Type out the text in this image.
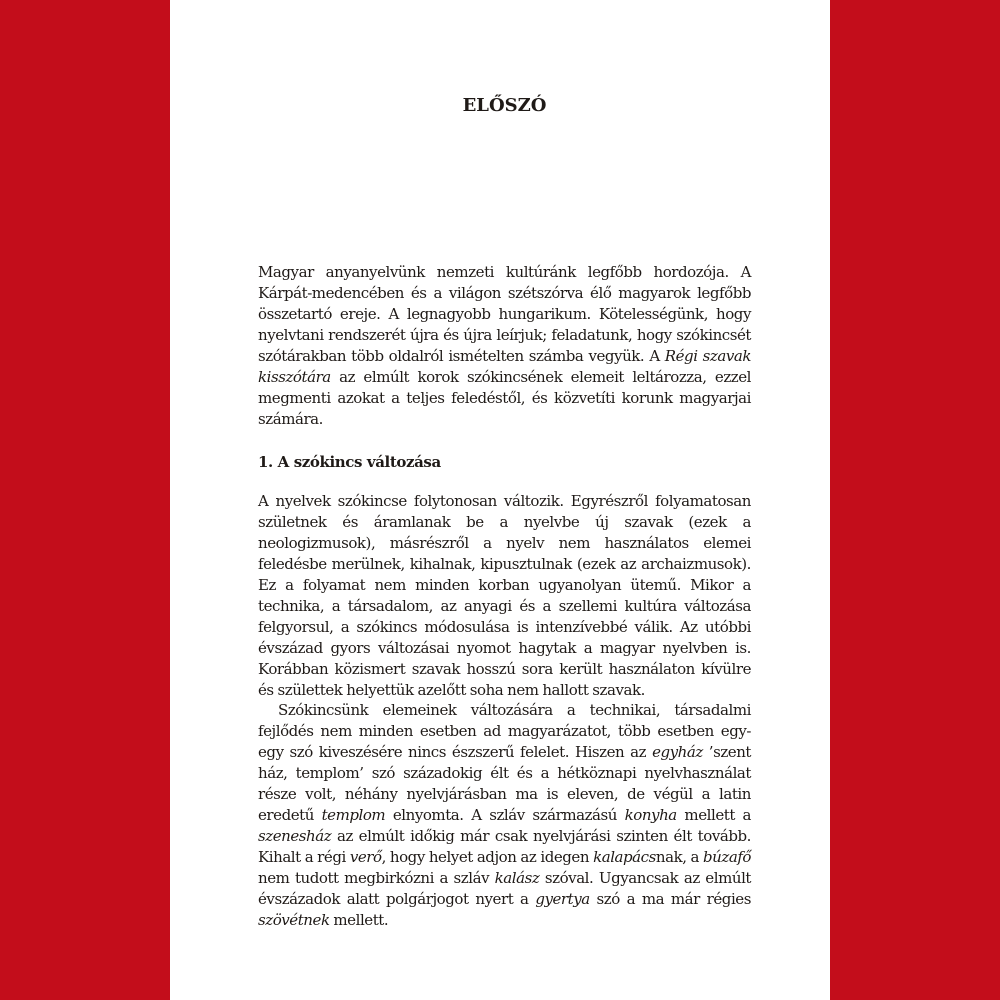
ELŐSZÓ

Magyar anyanyelvünk nemzeti kultúránk legfőbb hordozója. A Kárpát-medencében és a világon szétszórva élő magyarok legfőbb összetartó ereje. A legnagyobb hungarikum. Kötelességünk, hogy nyelvtani rendszerét újra és újra leírjuk; feladatunk, hogy szókincsét szótárakban több oldalról ismételten számba vegyük. A Régi szavak kisszótára az elmúlt korok szókincsének elemeit leltározza, ezzel megmenti azokat a teljes feledéstől, és közvetíti korunk magyarjai számára.

1. A szókincs változása

A nyelvek szókincse folytonosan változik. Egyrészről folyamatosan születnek és áramlanak be a nyelvbe új szavak (ezek a neologizmusok), másrészről a nyelv nem használatos elemei feledésbe merülnek, kihalnak, kipusztulnak (ezek az archaizmusok). Ez a folyamat nem minden korban ugyanolyan ütemű. Mikor a technika, a társadalom, az anyagi és a szellemi kultúra változása felgyorsul, a szókincs módosulása is intenzívebbé válik. Az utóbbi évszázad gyors változásai nyomot hagytak a magyar nyelvben is. Korábban közismert szavak hosszú sora került használaton kívülre és születtek helyettük azelőtt soha nem hallott szavak.

Szókincsünk elemeinek változására a technikai, társadalmi fejlődés nem minden esetben ad magyarázatot, több esetben egy-egy szó kiveszésére nincs észszerű felelet. Hiszen az egyház ’szent ház, templom’ szó századokig élt és a hétköznapi nyelvhasználat része volt, néhány nyelvjárásban ma is eleven, de végül a latin eredetű templom elnyomta. A szláv származású konyha mellett a szenesház az elmúlt időkig már csak nyelvjárási szinten élt tovább. Kihalt a régi verő, hogy helyet adjon az idegen kalapácsnak, a búzafő nem tudott megbirkózni a szláv kalász szóval. Ugyancsak az elmúlt évszázadok alatt polgárjogot nyert a gyertya szó a ma már régies szövétnek mellett.
